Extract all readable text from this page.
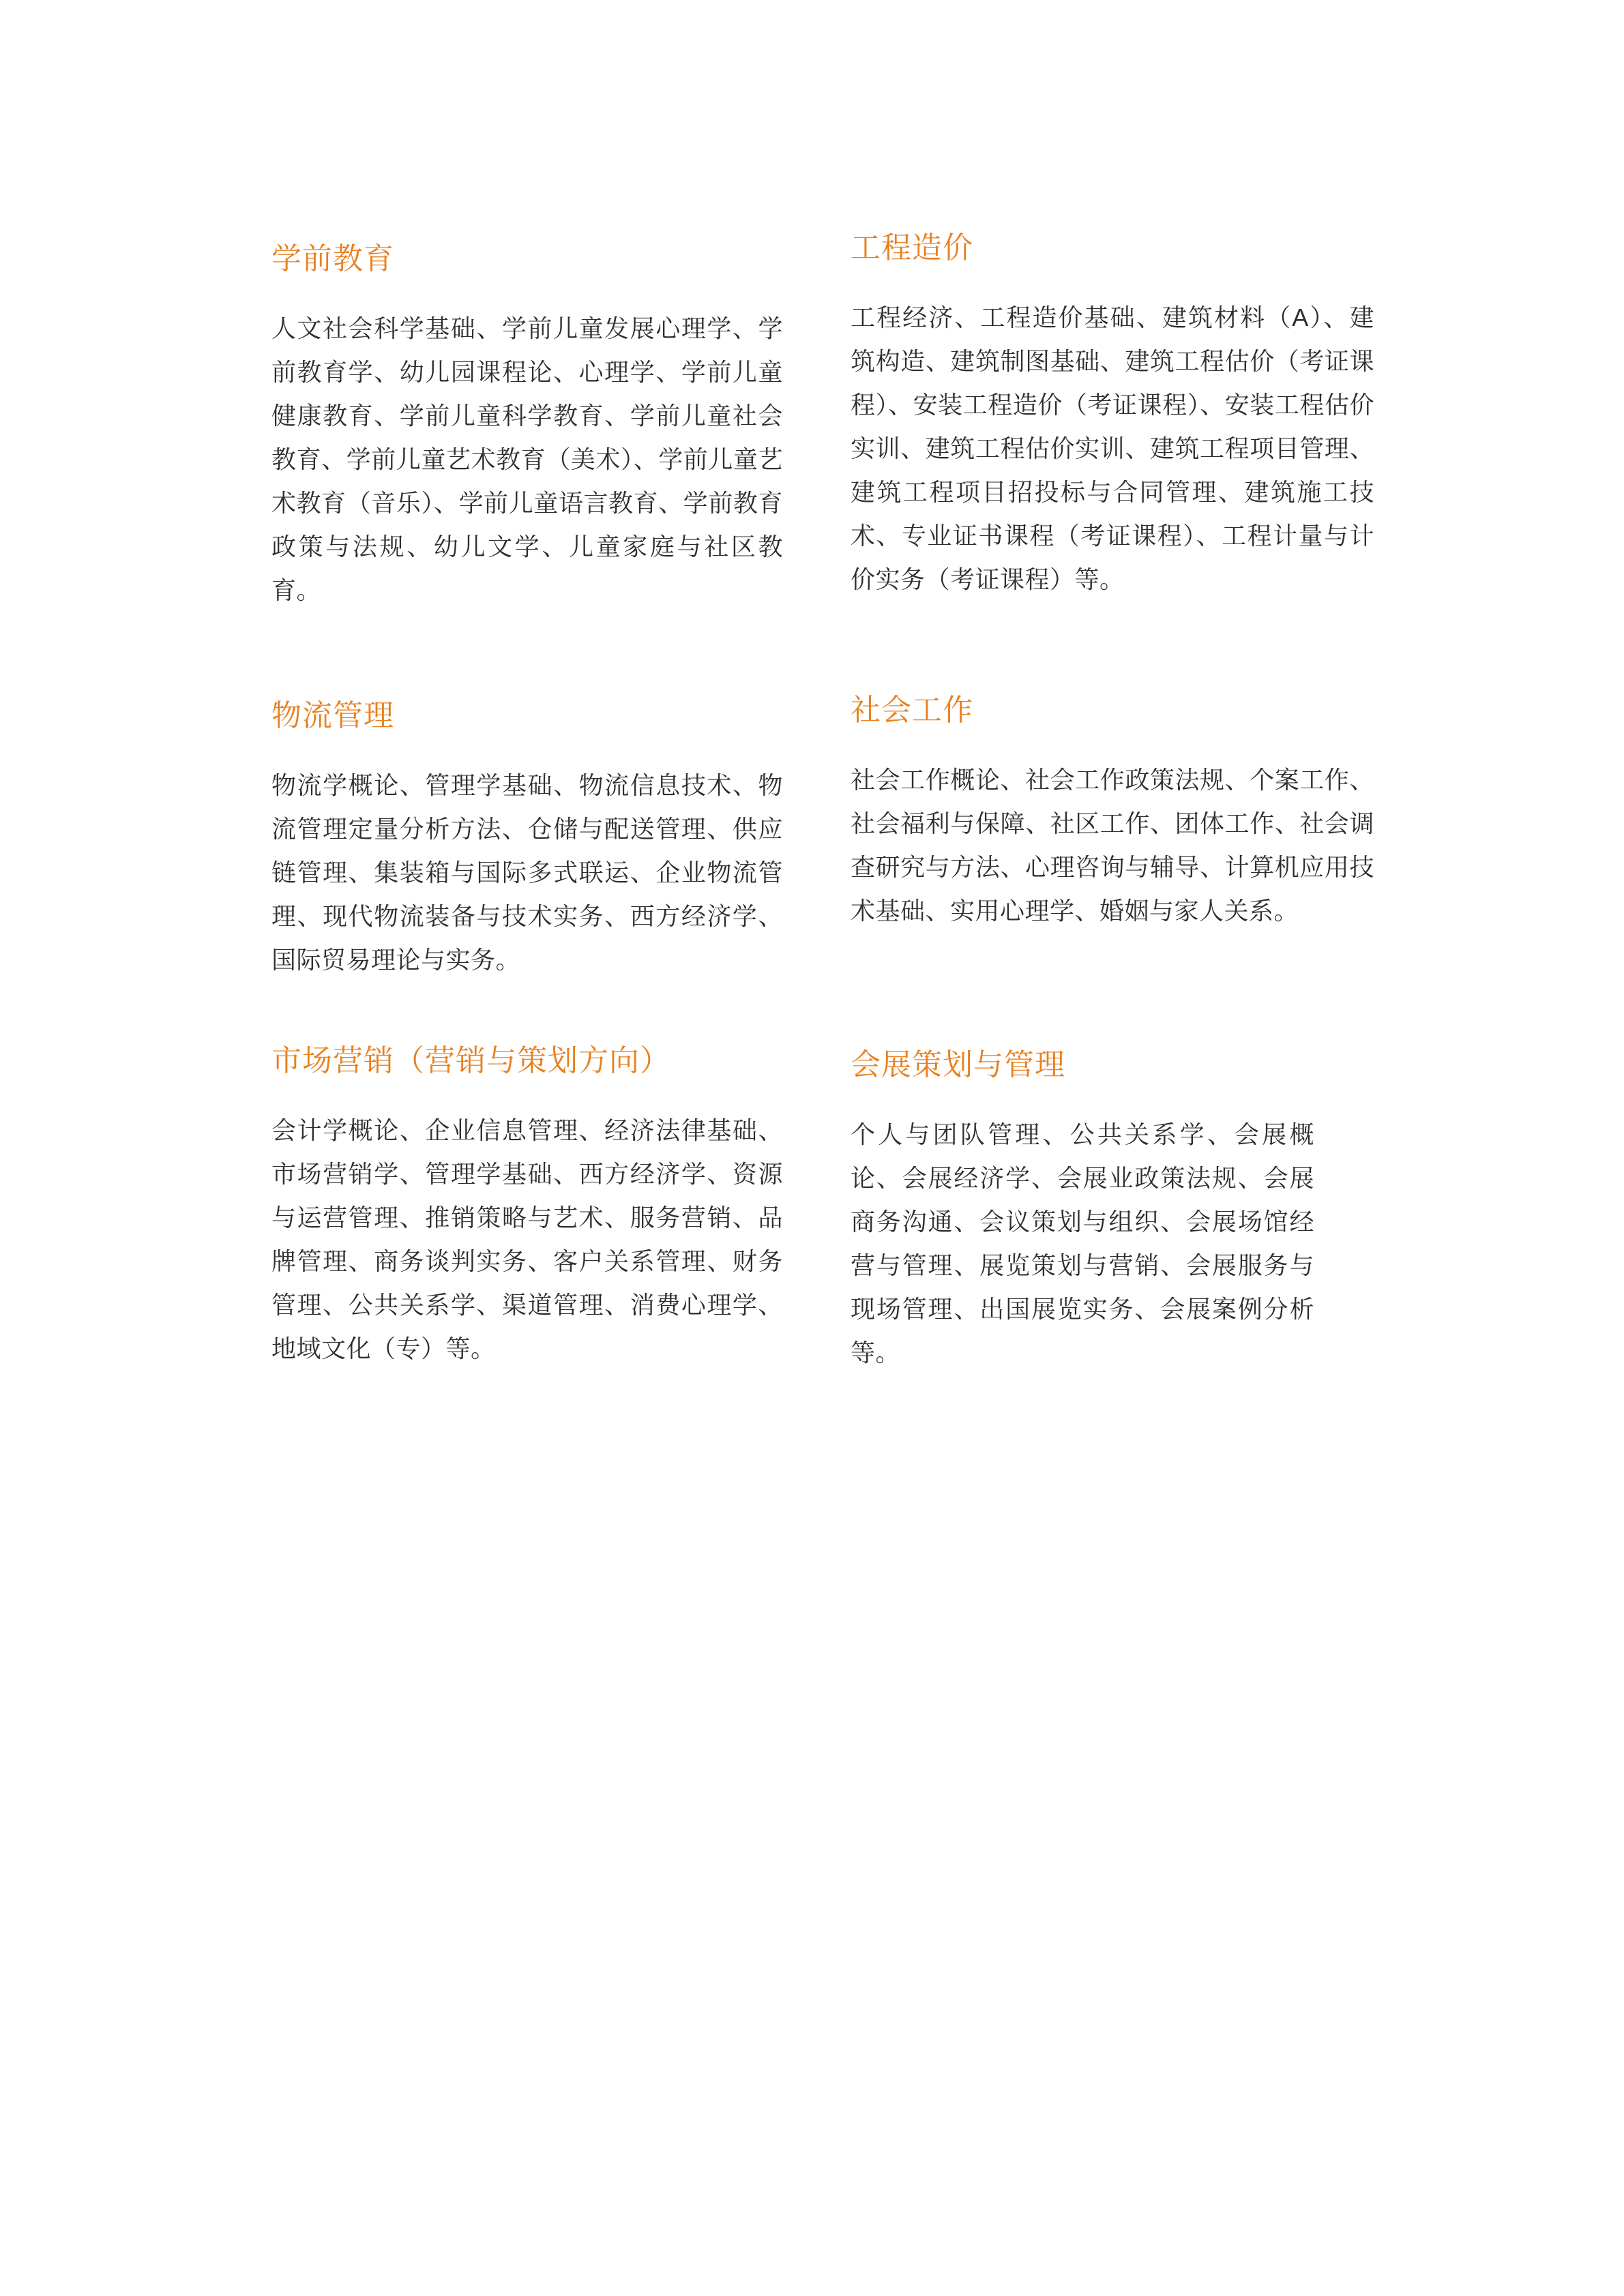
学前教育

人文社会科学基础、学前儿童发展心理学、学前教育学、幼儿园课程论、心理学、学前儿童健康教育、学前儿童科学教育、学前儿童社会教育、学前儿童艺术教育（美术）、学前儿童艺术教育（音乐）、学前儿童语言教育、学前教育政策与法规、幼儿文学、儿童家庭与社区教育。

工程造价

工程经济、工程造价基础、建筑材料（A）、建筑构造、建筑制图基础、建筑工程估价（考证课程）、安装工程造价（考证课程）、安装工程估价实训、建筑工程估价实训、建筑工程项目管理、建筑工程项目招投标与合同管理、建筑施工技术、专业证书课程（考证课程）、工程计量与计价实务（考证课程）等。

物流管理

物流学概论、管理学基础、物流信息技术、物流管理定量分析方法、仓储与配送管理、供应链管理、集装箱与国际多式联运、企业物流管理、现代物流装备与技术实务、西方经济学、国际贸易理论与实务。

社会工作

社会工作概论、社会工作政策法规、个案工作、社会福利与保障、社区工作、团体工作、社会调查研究与方法、心理咨询与辅导、计算机应用技术基础、实用心理学、婚姻与家人关系。

市场营销（营销与策划方向）

会计学概论、企业信息管理、经济法律基础、市场营销学、管理学基础、西方经济学、资源与运营管理、推销策略与艺术、服务营销、品牌管理、商务谈判实务、客户关系管理、财务管理、公共关系学、渠道管理、消费心理学、地域文化（专）等。

会展策划与管理

个人与团队管理、公共关系学、会展概论、会展经济学、会展业政策法规、会展商务沟通、会议策划与组织、会展场馆经营与管理、展览策划与营销、会展服务与现场管理、出国展览实务、会展案例分析等。
